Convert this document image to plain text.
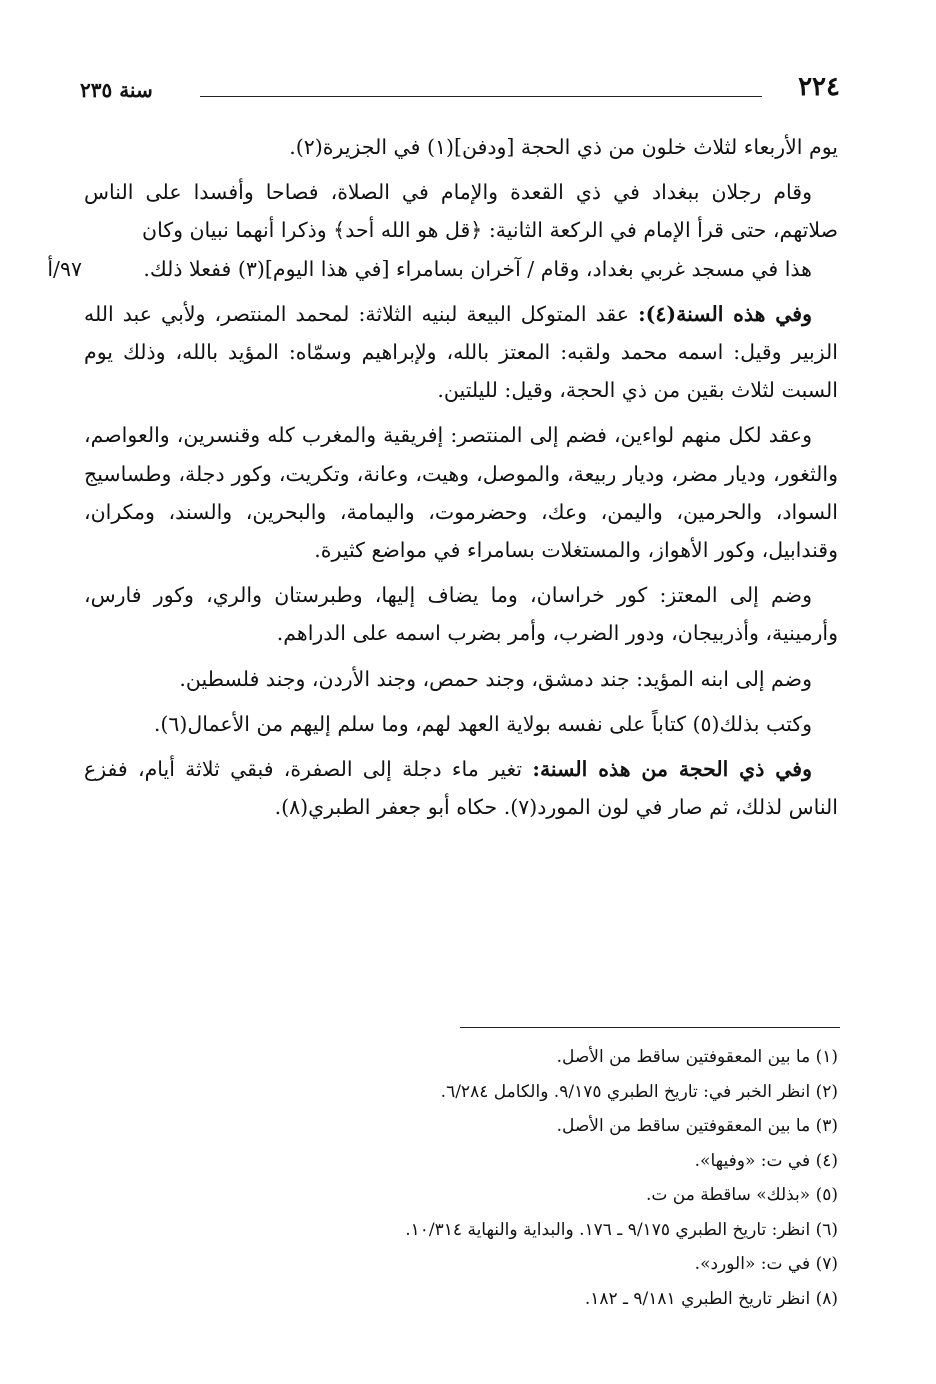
٢٢٤
سنة ٢٣٥

يوم الأربعاء لثلاث خلون من ذي الحجة [ودفن](١) في الجزيرة(٢).

وقام رجلان ببغداد في ذي القعدة والإمام في الصلاة، فصاحا وأفسدا على الناس صلاتهم، حتى قرأ الإمام في الركعة الثانية: ﴿قل هو الله أحد﴾ وذكرا أنهما نبيان وكان
هذا في مسجد غربي بغداد، وقام / آخران بسامراء [في هذا اليوم](٣) ففعلا ذلك.
٩٧/أ

وفي هذه السنة(٤): عقد المتوكل البيعة لبنيه الثلاثة: لمحمد المنتصر، ولأبي عبد الله الزبير وقيل: اسمه محمد ولقبه: المعتز بالله، ولإبراهيم وسمّاه: المؤيد بالله، وذلك يوم السبت لثلاث بقين من ذي الحجة، وقيل: لليلتين.

وعقد لكل منهم لواءين، فضم إلى المنتصر: إفريقية والمغرب كله وقنسرين، والعواصم، والثغور، وديار مضر، وديار ربيعة، والموصل، وهيت، وعانة، وتكريت، وكور دجلة، وطساسيج السواد، والحرمين، واليمن، وعك، وحضرموت، واليمامة، والبحرين، والسند، ومكران، وقندابيل، وكور الأهواز، والمستغلات بسامراء في مواضع كثيرة.

وضم إلى المعتز: كور خراسان، وما يضاف إليها، وطبرستان والري، وكور فارس، وأرمينية، وأذربيجان، ودور الضرب، وأمر بضرب اسمه على الدراهم.

وضم إلى ابنه المؤيد: جند دمشق، وجند حمص، وجند الأردن، وجند فلسطين.

وكتب بذلك(٥) كتاباً على نفسه بولاية العهد لهم، وما سلم إليهم من الأعمال(٦).

وفي ذي الحجة من هذه السنة: تغير ماء دجلة إلى الصفرة، فبقي ثلاثة أيام، ففزع الناس لذلك، ثم صار في لون المورد(٧). حكاه أبو جعفر الطبري(٨).

(١) ما بين المعقوفتين ساقط من الأصل.
(٢) انظر الخبر في: تاريخ الطبري ٩/١٧٥. والكامل ٦/٢٨٤.
(٣) ما بين المعقوفتين ساقط من الأصل.
(٤) في ت: «وفيها».
(٥) «بذلك» ساقطة من ت.
(٦) انظر: تاريخ الطبري ٩/١٧٥ ـ ١٧٦. والبداية والنهاية ١٠/٣١٤.
(٧) في ت: «الورد».
(٨) انظر تاريخ الطبري ٩/١٨١ ـ ١٨٢.
